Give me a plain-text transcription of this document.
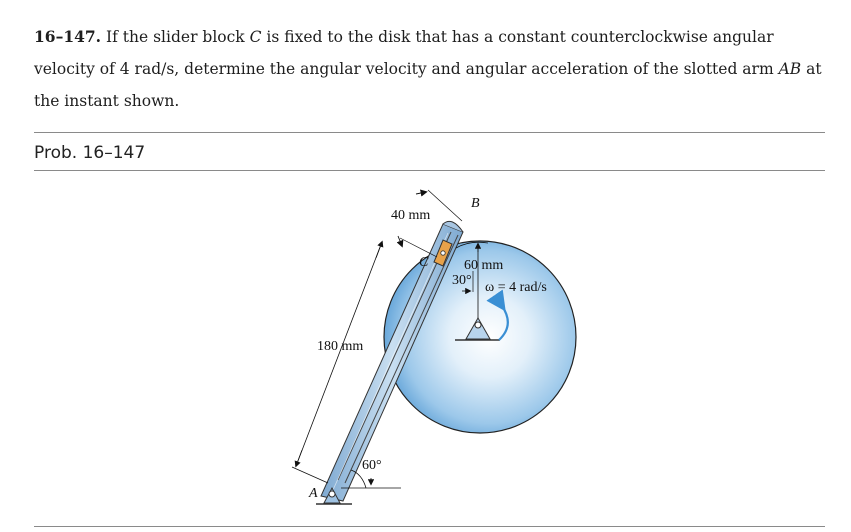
16–147. If the slider block C is fixed to the disk that has a constant counterclockwise angular velocity of 4 rad/s, determine the angular velocity and angular acceleration of the slotted arm AB at the instant shown.
Prob. 16–147
40 mm
B
C	60 mm
30° ω = 4 rad/s
180 mm
60°
A
